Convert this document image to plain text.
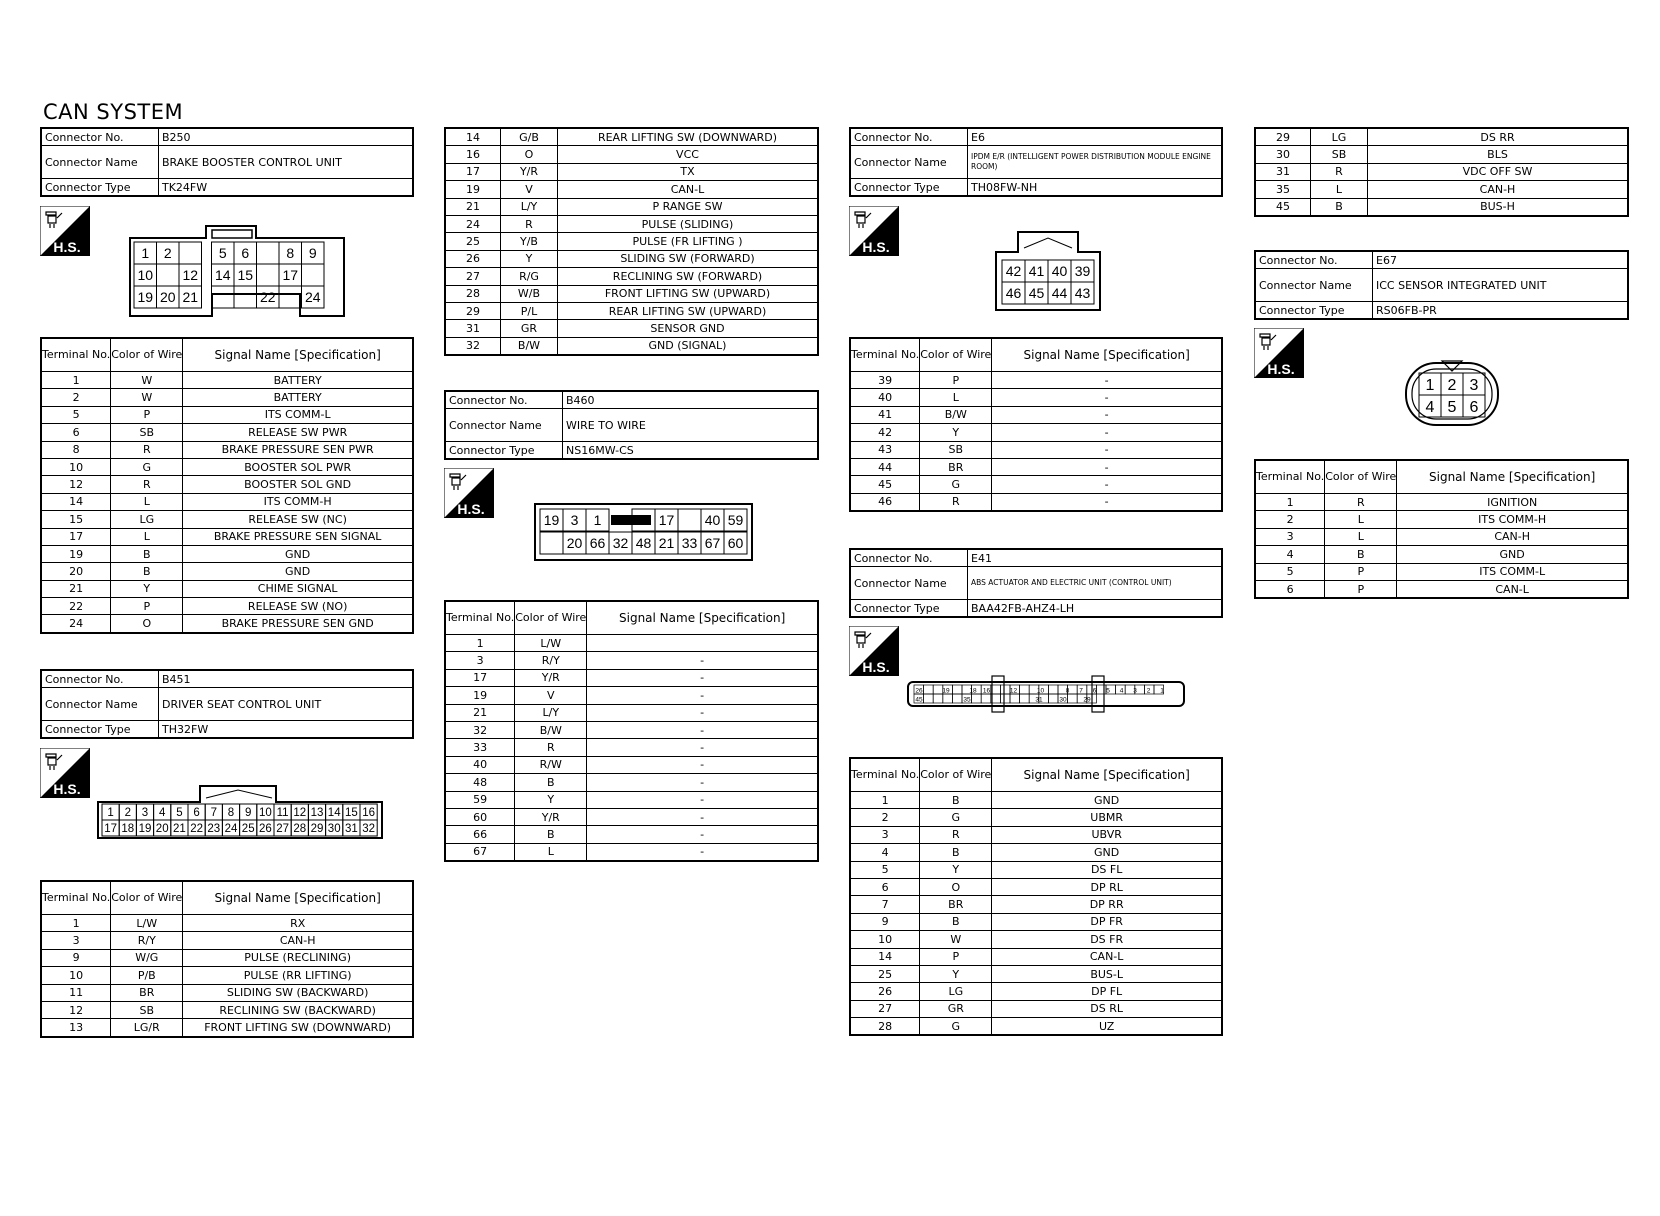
CAN SYSTEM
1 2	5 6	8 9
10 12 14 15 17
19 20 21	22 24
1 2 3 4 5 6 7 8 9 10 11 12 13 14 15 16
17 18 19 20 21 22 23 24 25 26 27 28 29 30 31 32
19 3 1	17 40 59
20 66 32 48 21 33 67 60
42 41 40 39
46 45 44 43
26	19	18 16	12	10	8 7 6 5 4 3 2 1
45	35	31	30	29
1 2 3
4 5 6
Connector No.	B250
Connector Name	BRAKE BOOSTER CONTROL UNIT
Connector Type	TK24FW
H.S.
Terminal No.	Color of Wire	Signal Name [Specification]
1	W	BATTERY
2	W	BATTERY
5	P	ITS COMM-L
6	SB	RELEASE SW PWR
8	R	BRAKE PRESSURE SEN PWR
10	G	BOOSTER SOL PWR
12	R	BOOSTER SOL GND
14	L	ITS COMM-H
15	LG	RELEASE SW (NC)
17	L	BRAKE PRESSURE SEN SIGNAL
19	B	GND
20	B	GND
21	Y	CHIME SIGNAL
22	P	RELEASE SW (NO)
24	O	BRAKE PRESSURE SEN GND
Connector No.	B451
Connector Name	DRIVER SEAT CONTROL UNIT
Connector Type	TH32FW
H.S.
Terminal No.	Color of Wire	Signal Name [Specification]
1	L/W	RX
3	R/Y	CAN-H
9	W/G	PULSE (RECLINING)
10	P/B	PULSE (RR LIFTING)
11	BR	SLIDING SW (BACKWARD)
12	SB	RECLINING SW (BACKWARD)
13	LG/R	FRONT LIFTING SW (DOWNWARD)
14	G/B	REAR LIFTING SW (DOWNWARD)
16	O	VCC
17	Y/R	TX
19	V	CAN-L
21	L/Y	P RANGE SW
24	R	PULSE (SLIDING)
25	Y/B	PULSE (FR LIFTING )
26	Y	SLIDING SW (FORWARD)
27	R/G	RECLINING SW (FORWARD)
28	W/B	FRONT LIFTING SW (UPWARD)
29	P/L	REAR LIFTING SW (UPWARD)
31	GR	SENSOR GND
32	B/W	GND (SIGNAL)
Connector No.	B460
Connector Name	WIRE TO WIRE
Connector Type	NS16MW-CS
H.S.
Terminal No.	Color of Wire	Signal Name [Specification]
1	L/W	
3	R/Y	-
17	Y/R	-
19	V	-
21	L/Y	-
32	B/W	-
33	R	-
40	R/W	-
48	B	-
59	Y	-
60	Y/R	-
66	B	-
67	L	-
Connector No.	E6
Connector Name	IPDM E/R (INTELLIGENT POWER DISTRIBUTION MODULE ENGINE ROOM)
Connector Type	TH08FW-NH
H.S.
Terminal No.	Color of Wire	Signal Name [Specification]
39	P	-
40	L	-
41	B/W	-
42	Y	-
43	SB	-
44	BR	-
45	G	-
46	R	-
Connector No.	E41
Connector Name	ABS ACTUATOR AND ELECTRIC UNIT (CONTROL UNIT)
Connector Type	BAA42FB-AHZ4-LH
H.S.
Terminal No.	Color of Wire	Signal Name [Specification]
1	B	GND
2	G	UBMR
3	R	UBVR
4	B	GND
5	Y	DS FL
6	O	DP RL
7	BR	DP RR
9	B	DP FR
10	W	DS FR
14	P	CAN-L
25	Y	BUS-L
26	LG	DP FL
27	GR	DS RL
28	G	UZ
29	LG	DS RR
30	SB	BLS
31	R	VDC OFF SW
35	L	CAN-H
45	B	BUS-H
Connector No.	E67
Connector Name	ICC SENSOR INTEGRATED UNIT
Connector Type	RS06FB-PR
H.S.
Terminal No.	Color of Wire	Signal Name [Specification]
1	R	IGNITION
2	L	ITS COMM-H
3	L	CAN-H
4	B	GND
5	P	ITS COMM-L
6	P	CAN-L
